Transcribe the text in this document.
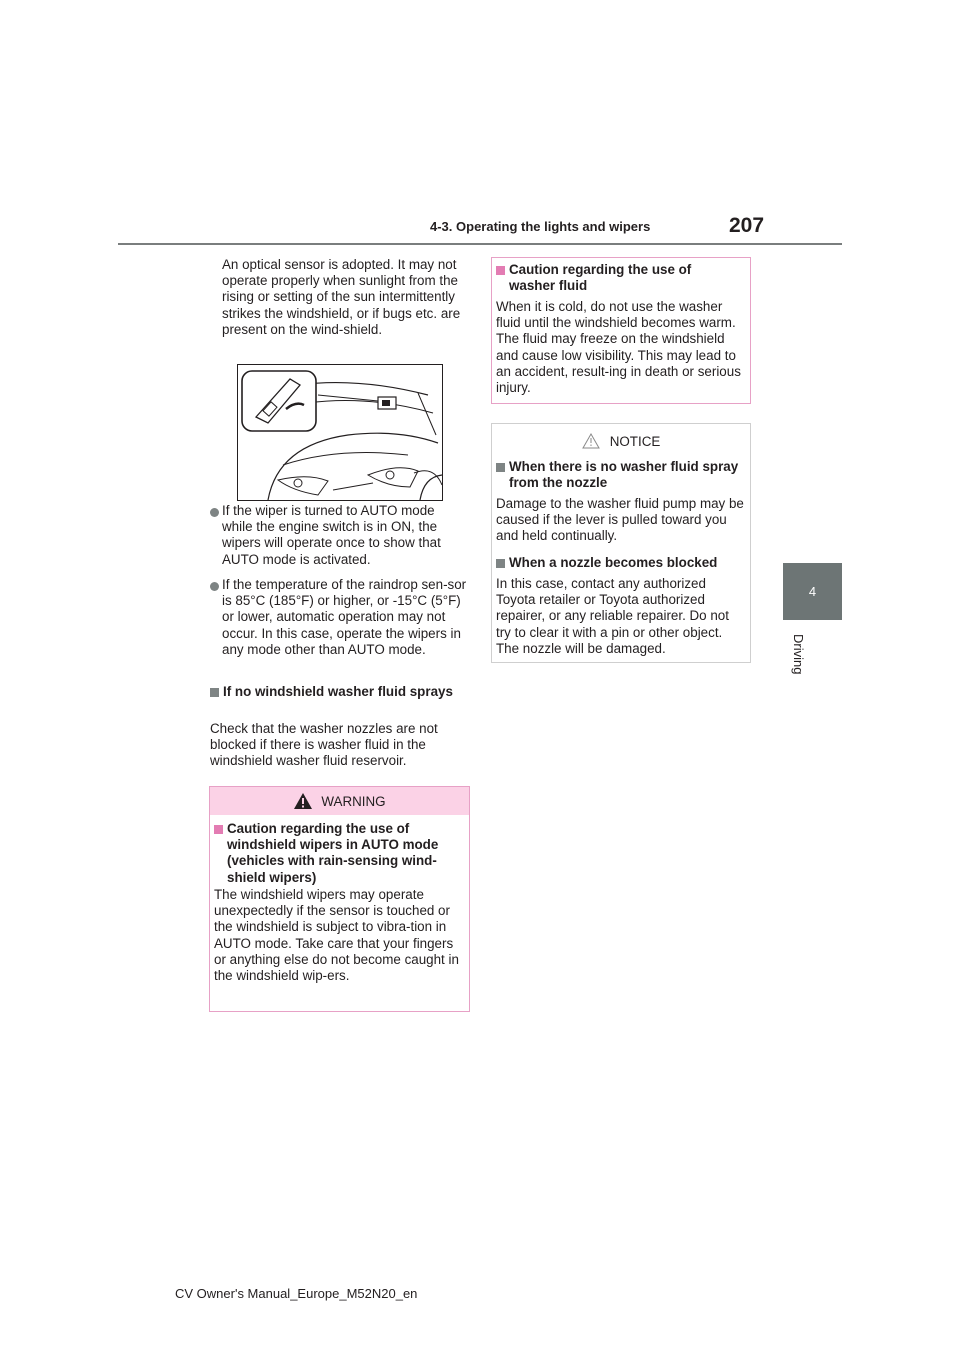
4-3. Operating the lights and wipers	207
4
Driving
An optical sensor is adopted. It may not operate properly when sunlight from the rising or setting of the sun intermittently strikes the windshield, or if bugs etc. are present on the wind-shield.
If the wiper is turned to AUTO mode while the engine switch is in ON, the wipers will operate once to show that AUTO mode is activated.
If the temperature of the raindrop sen-sor is 85°C (185°F) or higher, or -15°C (5°F) or lower, automatic operation may not occur. In this case, operate the wipers in any mode other than AUTO mode.
If no windshield washer fluid sprays
Check that the washer nozzles are not blocked if there is washer fluid in the windshield washer fluid reservoir.
WARNING
Caution regarding the use of windshield wipers in AUTO mode (vehicles with rain-sensing wind-shield wipers)
The windshield wipers may operate unexpectedly if the sensor is touched or the windshield is subject to vibra-tion in AUTO mode. Take care that your fingers or anything else do not become caught in the windshield wip-ers.
Caution regarding the use of washer fluid
When it is cold, do not use the washer fluid until the windshield becomes warm. The fluid may freeze on the windshield and cause low visibility. This may lead to an accident, result-ing in death or serious injury.
NOTICE
When there is no washer fluid spray from the nozzle
Damage to the washer fluid pump may be caused if the lever is pulled toward you and held continually.
When a nozzle becomes blocked
In this case, contact any authorized Toyota retailer or Toyota authorized repairer, or any reliable repairer. Do not try to clear it with a pin or other object. The nozzle will be damaged.
CV Owner's Manual_Europe_M52N20_en
